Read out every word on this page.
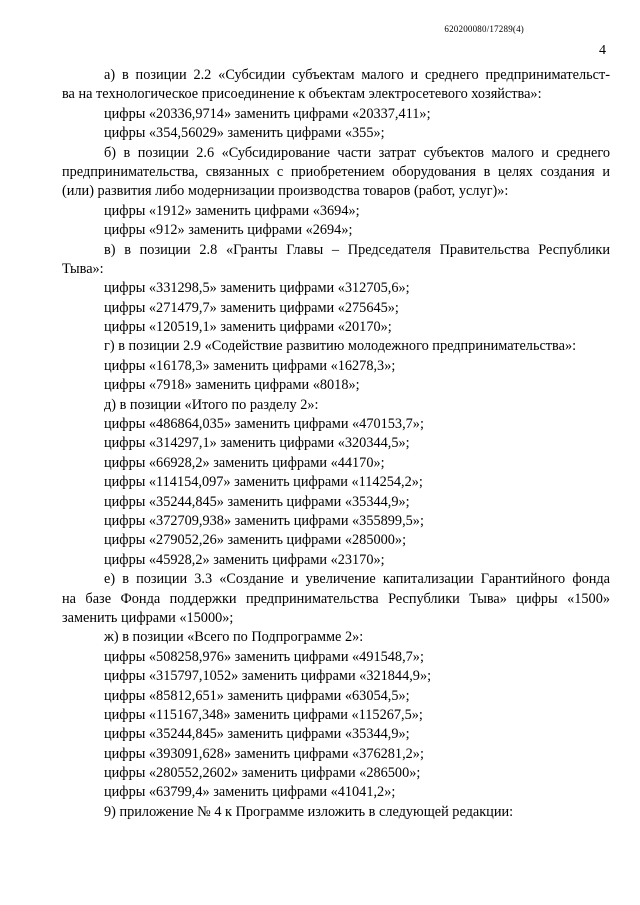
620200080/17289(4)
4
а) в позиции 2.2 «Субсидии субъектам малого и среднего предпринимательст-
ва на технологическое присоединение к объектам электросетевого хозяйства»:
цифры «20336,9714» заменить цифрами «20337,411»;
цифры «354,56029» заменить цифрами «355»;
б) в позиции 2.6 «Субсидирование части затрат субъектов малого и среднего
предпринимательства, связанных с приобретением оборудования в целях создания и
(или) развития либо модернизации производства товаров (работ, услуг)»:
цифры «1912» заменить цифрами «3694»;
цифры «912» заменить цифрами «2694»;
в) в позиции 2.8 «Гранты Главы – Председателя Правительства Республики
Тыва»:
цифры «331298,5» заменить цифрами «312705,6»;
цифры «271479,7» заменить цифрами «275645»;
цифры «120519,1» заменить цифрами «20170»;
г) в позиции 2.9 «Содействие развитию молодежного предпринимательства»:
цифры «16178,3» заменить цифрами «16278,3»;
цифры «7918» заменить цифрами «8018»;
д) в позиции «Итого по разделу 2»:
цифры «486864,035» заменить цифрами «470153,7»;
цифры «314297,1» заменить цифрами «320344,5»;
цифры «66928,2» заменить цифрами «44170»;
цифры «114154,097» заменить цифрами «114254,2»;
цифры «35244,845» заменить цифрами «35344,9»;
цифры «372709,938» заменить цифрами «355899,5»;
цифры «279052,26» заменить цифрами «285000»;
цифры «45928,2» заменить цифрами «23170»;
е) в позиции 3.3 «Создание и увеличение капитализации Гарантийного фонда
на базе Фонда поддержки предпринимательства Республики Тыва» цифры «1500»
заменить цифрами «15000»;
ж) в позиции «Всего по Подпрограмме 2»:
цифры «508258,976» заменить цифрами «491548,7»;
цифры «315797,1052» заменить цифрами «321844,9»;
цифры «85812,651» заменить цифрами «63054,5»;
цифры «115167,348» заменить цифрами «115267,5»;
цифры «35244,845» заменить цифрами «35344,9»;
цифры «393091,628» заменить цифрами «376281,2»;
цифры «280552,2602» заменить цифрами «286500»;
цифры «63799,4» заменить цифрами «41041,2»;
9) приложение № 4 к Программе изложить в следующей редакции:
